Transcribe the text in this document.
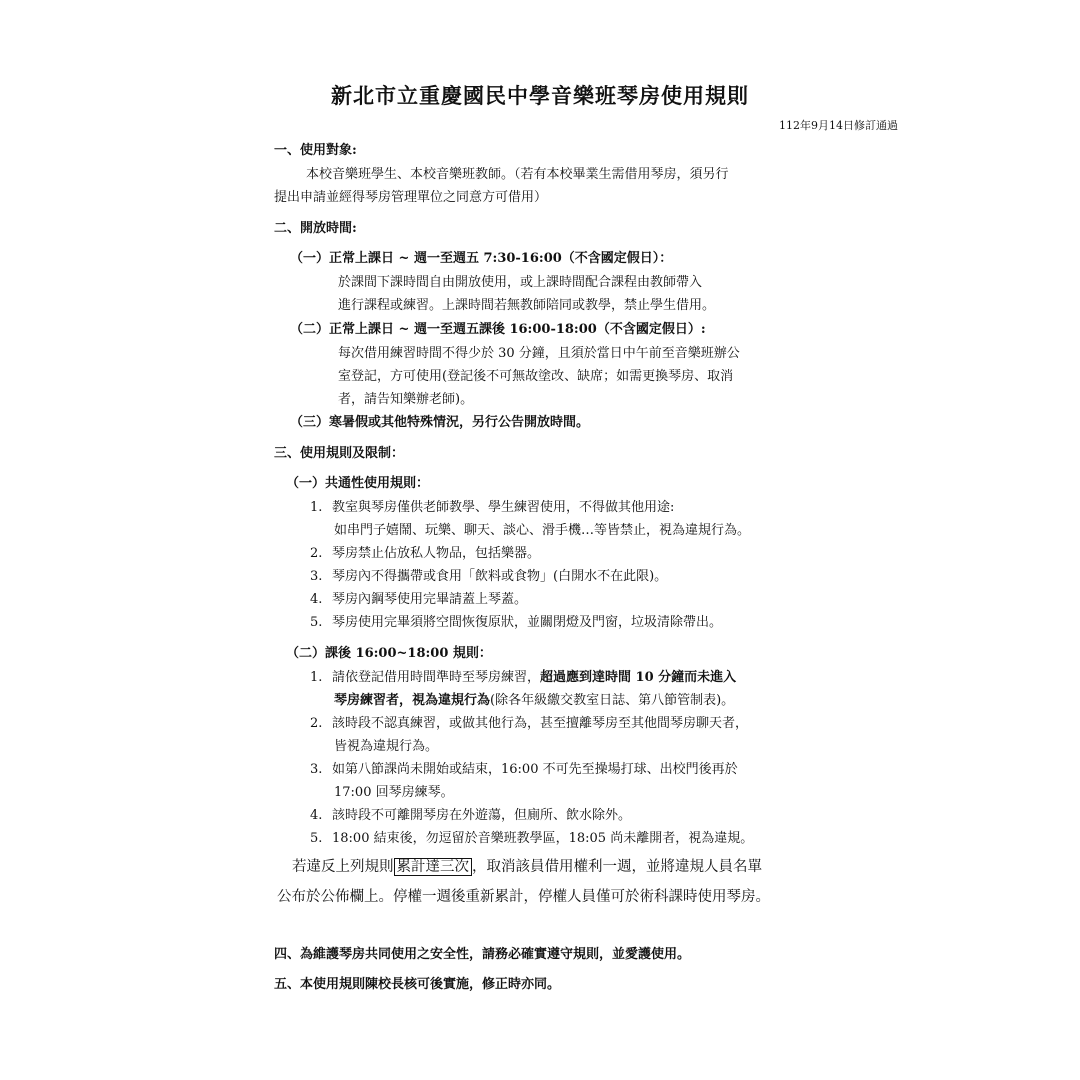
新北市立重慶國民中學音樂班琴房使用規則
112年9月14日修訂通過
一、使用對象:
本校音樂班學生、本校音樂班教師。（若有本校畢業生需借用琴房，須另行
提出申請並經得琴房管理單位之同意方可借用）
二、開放時間:
（一）正常上課日 ~ 週一至週五 7:30-16:00（不含國定假日）：
於課間下課時間自由開放使用，或上課時間配合課程由教師帶入
進行課程或練習。上課時間若無教師陪同或教學，禁止學生借用。
（二）正常上課日 ~ 週一至週五課後 16:00-18:00（不含國定假日）:
每次借用練習時間不得少於 30 分鐘，且須於當日中午前至音樂班辦公
室登記，方可使用(登記後不可無故塗改、缺席；如需更換琴房、取消
者，請告知樂辦老師)。
（三）寒暑假或其他特殊情況，另行公告開放時間。
三、使用規則及限制：
（一）共通性使用規則：
1. 教室與琴房僅供老師教學、學生練習使用，不得做其他用途:
如串門子嬉鬧、玩樂、聊天、談心、滑手機…等皆禁止，視為違規行為。
2. 琴房禁止佔放私人物品，包括樂器。
3. 琴房內不得攜帶或食用「飲料或食物」(白開水不在此限)。
4. 琴房內鋼琴使用完畢請蓋上琴蓋。
5. 琴房使用完畢須將空間恢復原狀，並關閉燈及門窗，垃圾清除帶出。
（二）課後 16:00~18:00 規則：
1. 請依登記借用時間準時至琴房練習，超過應到達時間 10 分鐘而未進入
琴房練習者，視為違規行為(除各年級繳交教室日誌、第八節管制表)。
2. 該時段不認真練習，或做其他行為，甚至擅離琴房至其他間琴房聊天者，
皆視為違規行為。
3. 如第八節課尚未開始或結束，16:00 不可先至操場打球、出校門後再於
17:00 回琴房練琴。
4. 該時段不可離開琴房在外遊蕩，但廁所、飲水除外。
5. 18:00 結束後，勿逗留於音樂班教學區，18:05 尚未離開者，視為違規。
若違反上列規則 累計達三次 ，取消該員借用權利一週，並將違規人員名單
公布於公佈欄上。停權一週後重新累計，停權人員僅可於術科課時使用琴房。
四、為維護琴房共同使用之安全性，請務必確實遵守規則，並愛護使用。
五、本使用規則陳校長核可後實施，修正時亦同。
